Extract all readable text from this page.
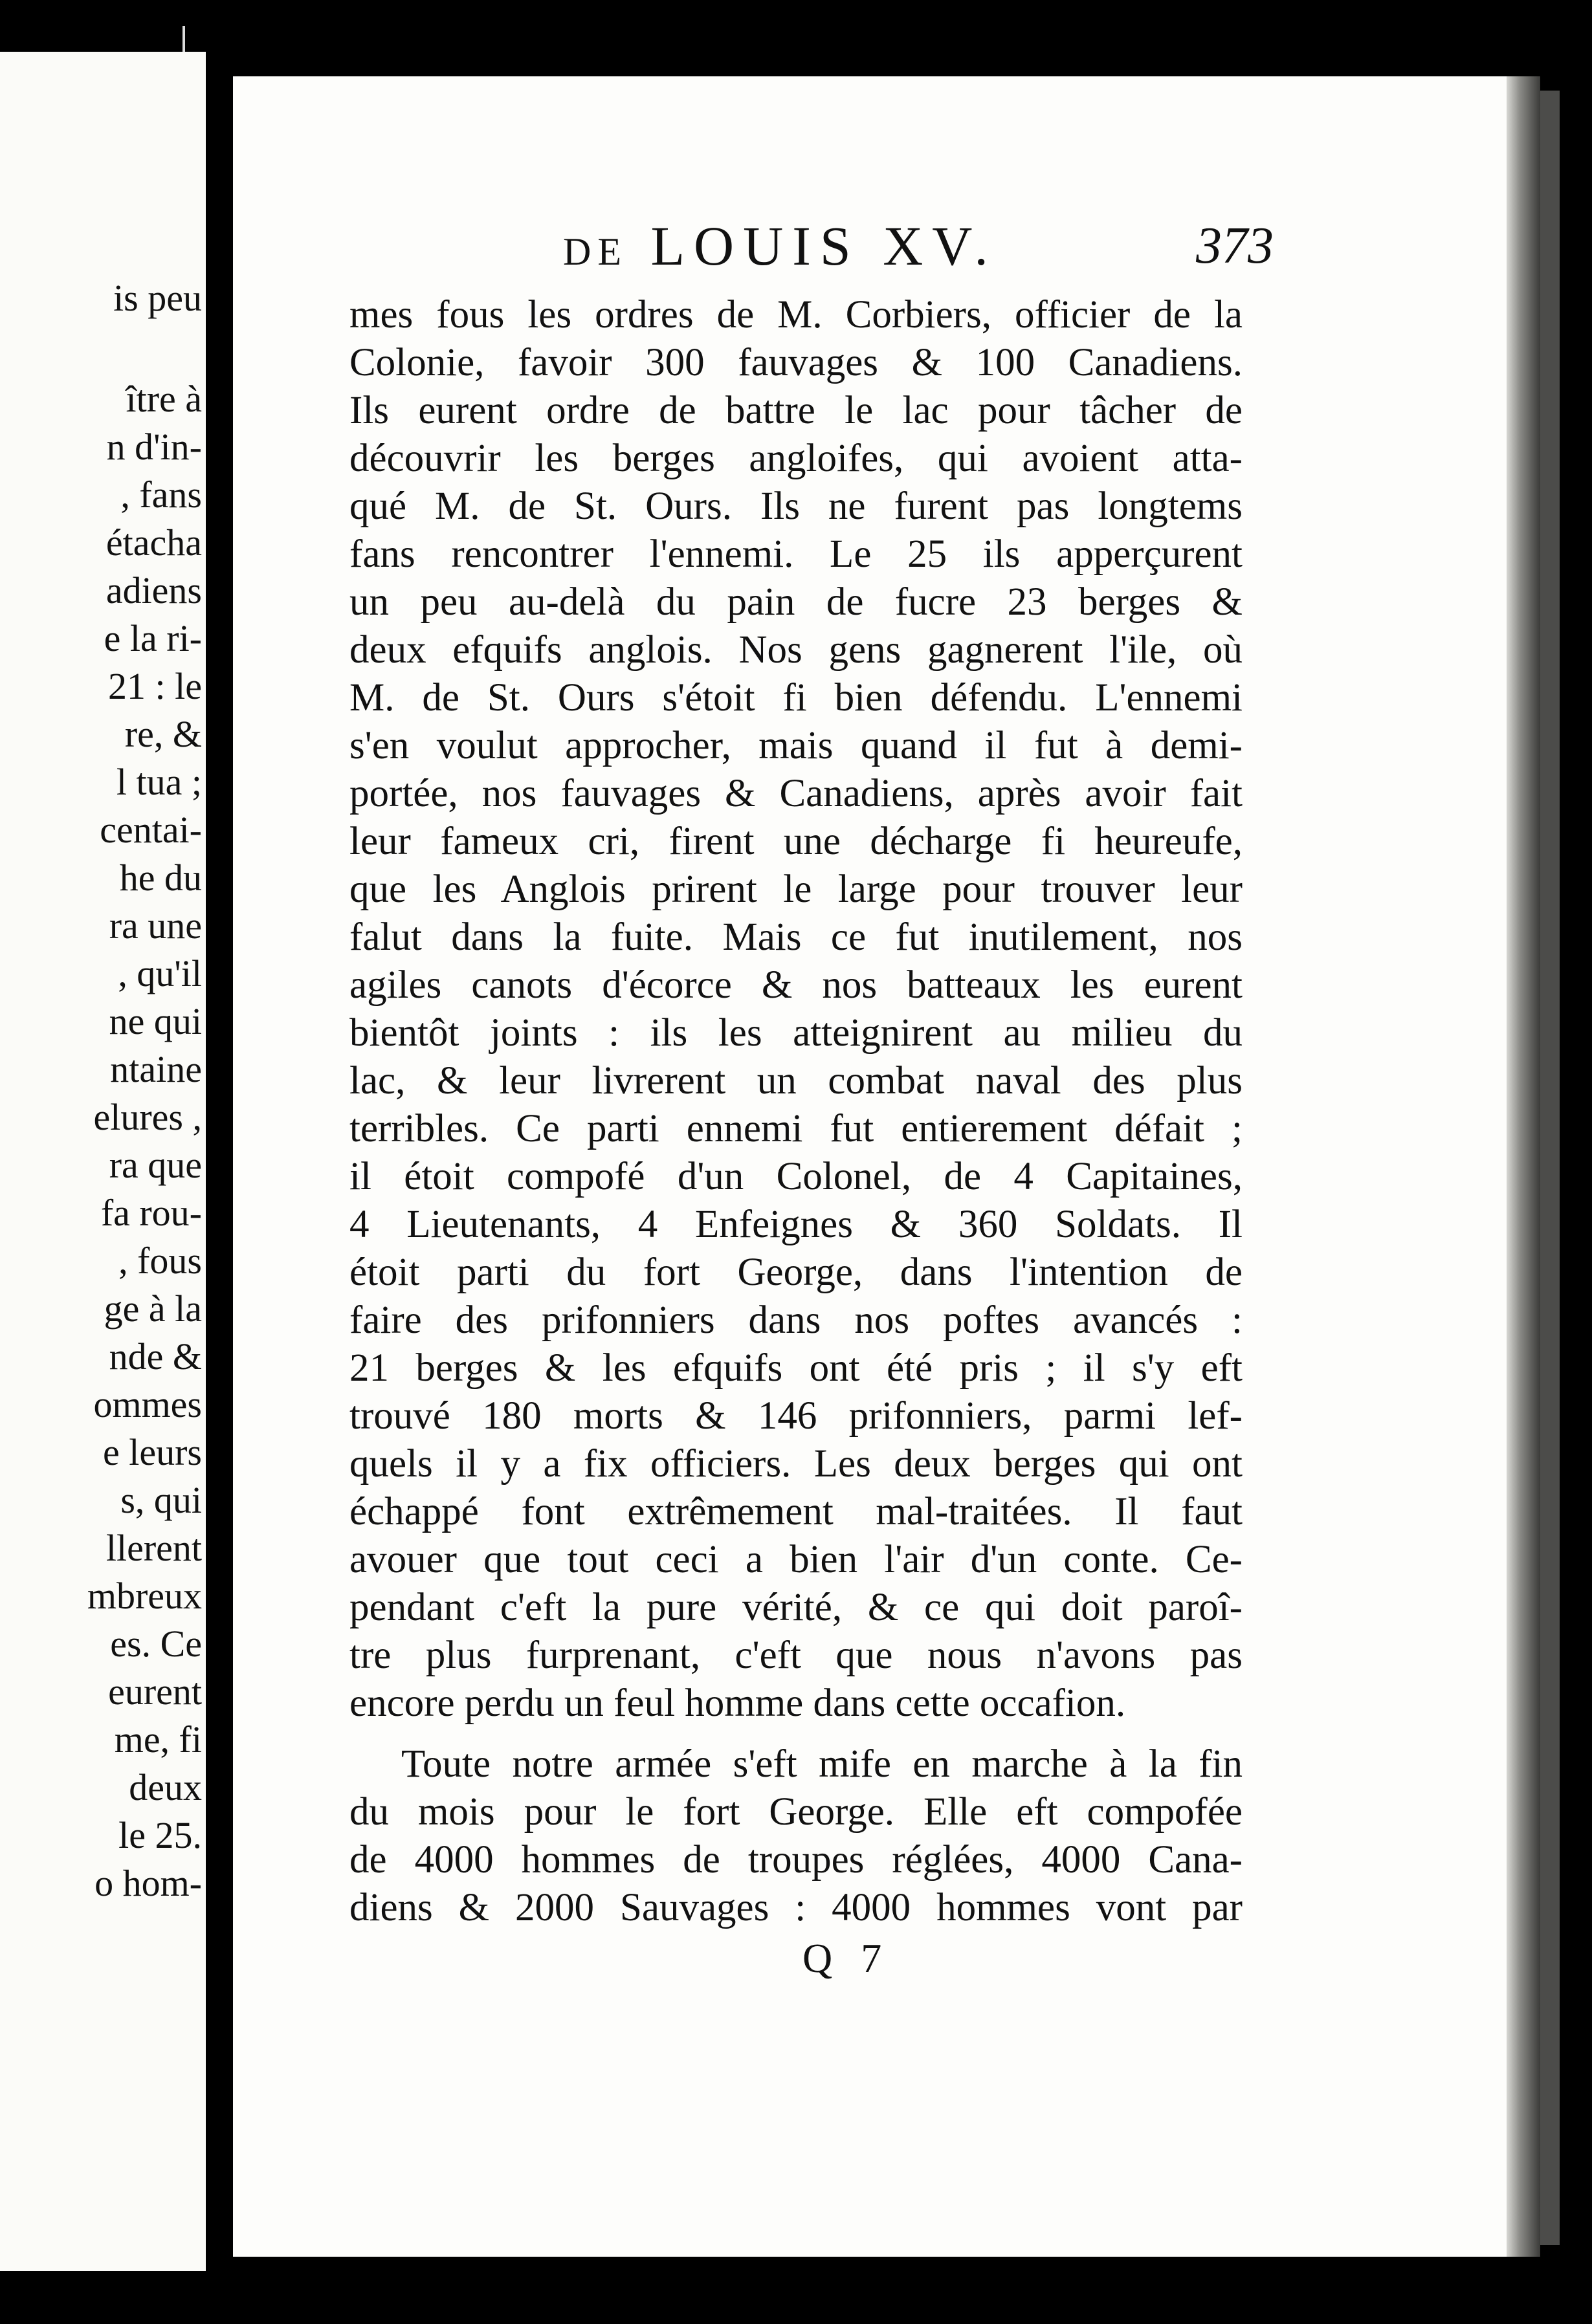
is peu
ître à
n d'in-
, fans
étacha
adiens
e la ri-
21 : le
re, &
l tua ;
centai-
he du
ra une
, qu'il
ne qui
ntaine
elures ,
ra que
fa rou-
, fous
ge à la
nde &
ommes
e leurs
s, qui
llerent
mbreux
es. Ce
eurent
me, fi
deux
le 25.
o hom-
DE LOUIS XV.	373
mes fous les ordres de M. Corbiers, officier de la
Colonie, favoir 300 fauvages & 100 Canadiens.
Ils eurent ordre de battre le lac pour tâcher de
découvrir les berges angloifes, qui avoient atta-
qué M. de St. Ours. Ils ne furent pas longtems
fans rencontrer l'ennemi. Le 25 ils apperçurent
un peu au-delà du pain de fucre 23 berges &
deux efquifs anglois. Nos gens gagnerent l'ile, où
M. de St. Ours s'étoit fi bien défendu. L'ennemi
s'en voulut approcher, mais quand il fut à demi-
portée, nos fauvages & Canadiens, après avoir fait
leur fameux cri, firent une décharge fi heureufe,
que les Anglois prirent le large pour trouver leur
falut dans la fuite. Mais ce fut inutilement, nos
agiles canots d'écorce & nos batteaux les eurent
bientôt joints : ils les atteignirent au milieu du
lac, & leur livrerent un combat naval des plus
terribles. Ce parti ennemi fut entierement défait ;
il étoit compofé d'un Colonel, de 4 Capitaines,
4 Lieutenants, 4 Enfeignes & 360 Soldats. Il
étoit parti du fort George, dans l'intention de
faire des prifonniers dans nos poftes avancés :
21 berges & les efquifs ont été pris ; il s'y eft
trouvé 180 morts & 146 prifonniers, parmi lef-
quels il y a fix officiers. Les deux berges qui ont
échappé font extrêmement mal-traitées. Il faut
avouer que tout ceci a bien l'air d'un conte. Ce-
pendant c'eft la pure vérité, & ce qui doit paroî-
tre plus furprenant, c'eft que nous n'avons pas
encore perdu un feul homme dans cette occafion.
Toute notre armée s'eft mife en marche à la fin
du mois pour le fort George. Elle eft compofée
de 4000 hommes de troupes réglées, 4000 Cana-
diens & 2000 Sauvages : 4000 hommes vont par
Q 7
